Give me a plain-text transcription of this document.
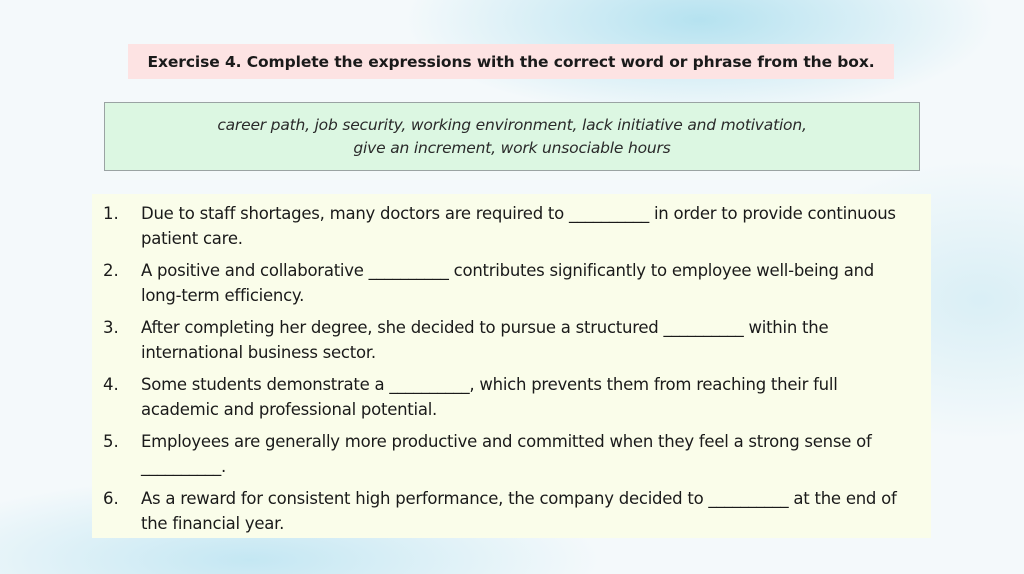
Exercise 4. Complete the expressions with the correct word or phrase from the box.
career path, job security, working environment, lack initiative and motivation,
give an increment, work unsociable hours
1.	Due to staff shortages, many doctors are required to __________ in order to provide continuous patient care.
2.	A positive and collaborative __________ contributes significantly to employee well-being and long-term efficiency.
3.	After completing her degree, she decided to pursue a structured __________ within the international business sector.
4.	Some students demonstrate a __________, which prevents them from reaching their full academic and professional potential.
5.	Employees are generally more productive and committed when they feel a strong sense of __________.
6.	As a reward for consistent high performance, the company decided to __________ at the end of the financial year.
